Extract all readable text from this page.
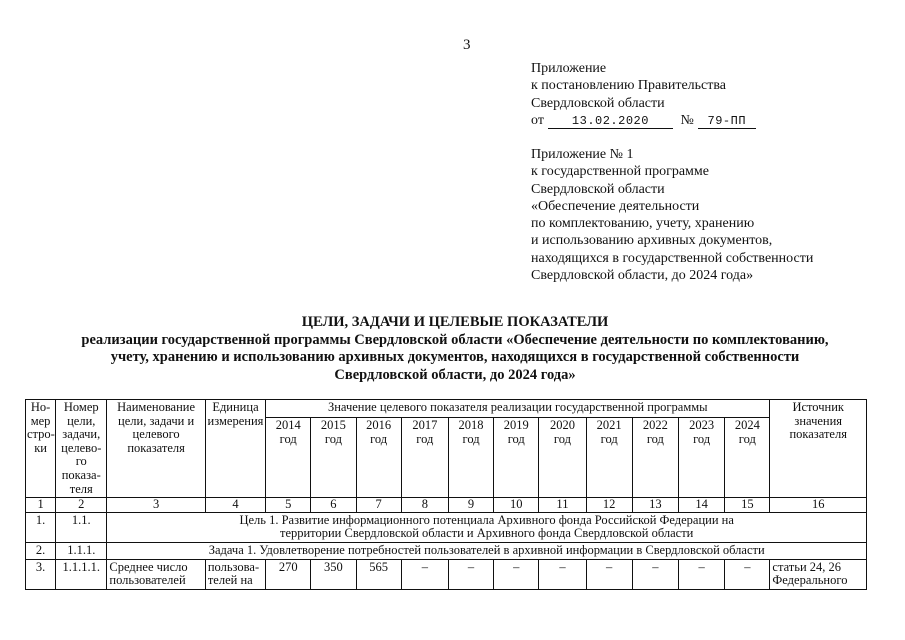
3
Приложение
к постановлению Правительства
Свердловской области
от 13.02.2020 № 79-ПП
Приложение № 1
к государственной программе
Свердловской области
«Обеспечение деятельности
по комплектованию, учету, хранению
и использованию архивных документов,
находящихся в государственной собственности
Свердловской области, до 2024 года»
ЦЕЛИ, ЗАДАЧИ И ЦЕЛЕВЫЕ ПОКАЗАТЕЛИ
реализации государственной программы Свердловской области «Обеспечение деятельности по комплектованию,
учету, хранению и использованию архивных документов, находящихся в государственной собственности
Свердловской области, до 2024 года»
Но-мер стро-ки	Номер цели, задачи, целево-го показа-теля	Наименование цели, задачи и целевого показателя	Единица измерения	Значение целевого показателя реализации государственной программы											Источник значения показателя
				2014 год	2015 год	2016 год	2017 год	2018 год	2019 год	2020 год	2021 год	2022 год	2023 год	2024 год	
1	2	3	4	5	6	7	8	9	10	11	12	13	14	15	16
1.	1.1.	Цель 1. Развитие информационного потенциала Архивного фонда Российской Федерации на территории Свердловской области и Архивного фонда Свердловской области													
2.	1.1.1.	Задача 1. Удовлетворение потребностей пользователей в архивной информации в Свердловской области													
3.	1.1.1.1.	Среднее число пользователей	пользова-телей на	270	350	565	–	–	–	–	–	–	–	–	статьи 24, 26 Федерального
